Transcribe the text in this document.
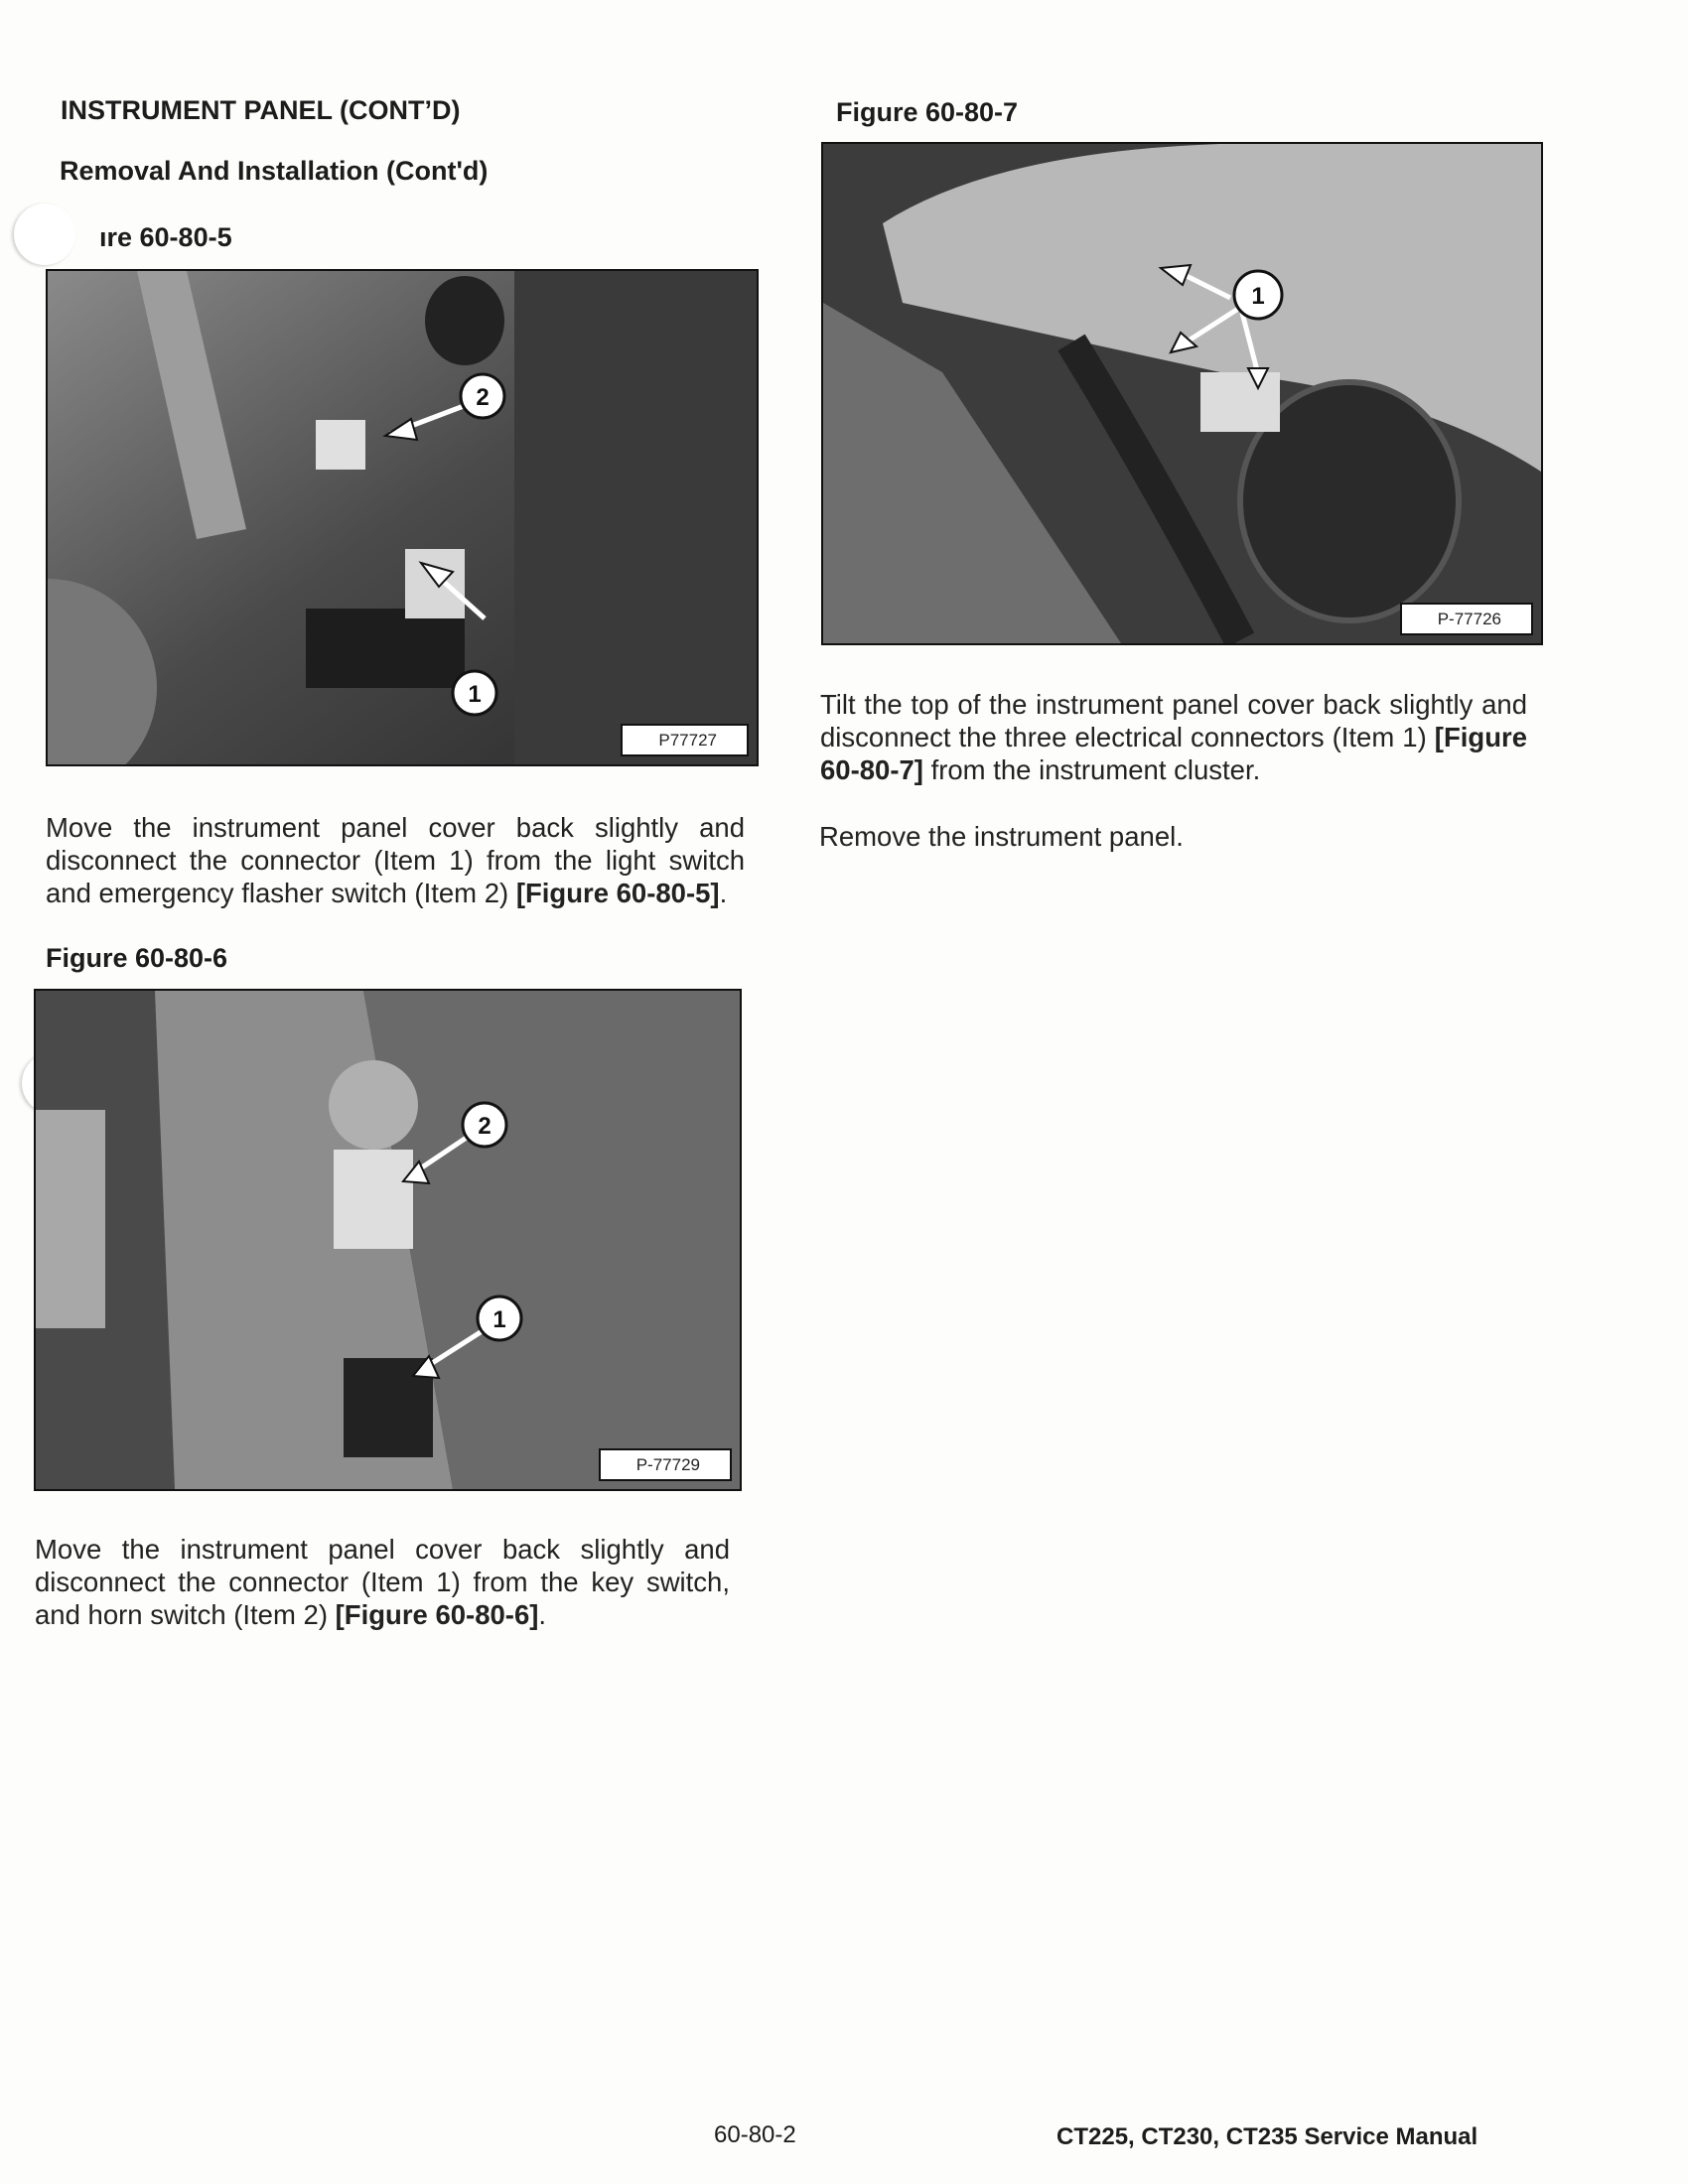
INSTRUMENT PANEL (CONT’D)
Removal And Installation (Cont'd)
ıre 60-80-5
1
2
P77727
Move the instrument panel cover back slightly and disconnect the connector (Item 1) from the light switch and emergency flasher switch (Item 2) [Figure 60-80-5].
Figure 60-80-6
1
2
P-77729
Move the instrument panel cover back slightly and disconnect the connector (Item 1) from the key switch, and horn switch (Item 2) [Figure 60-80-6].
Figure 60-80-7
1
P-77726
Tilt the top of the instrument panel cover back slightly and disconnect the three electrical connectors (Item 1) [Figure 60-80-7] from the instrument cluster.
Remove the instrument panel.
60-80-2	CT225, CT230, CT235 Service Manual
